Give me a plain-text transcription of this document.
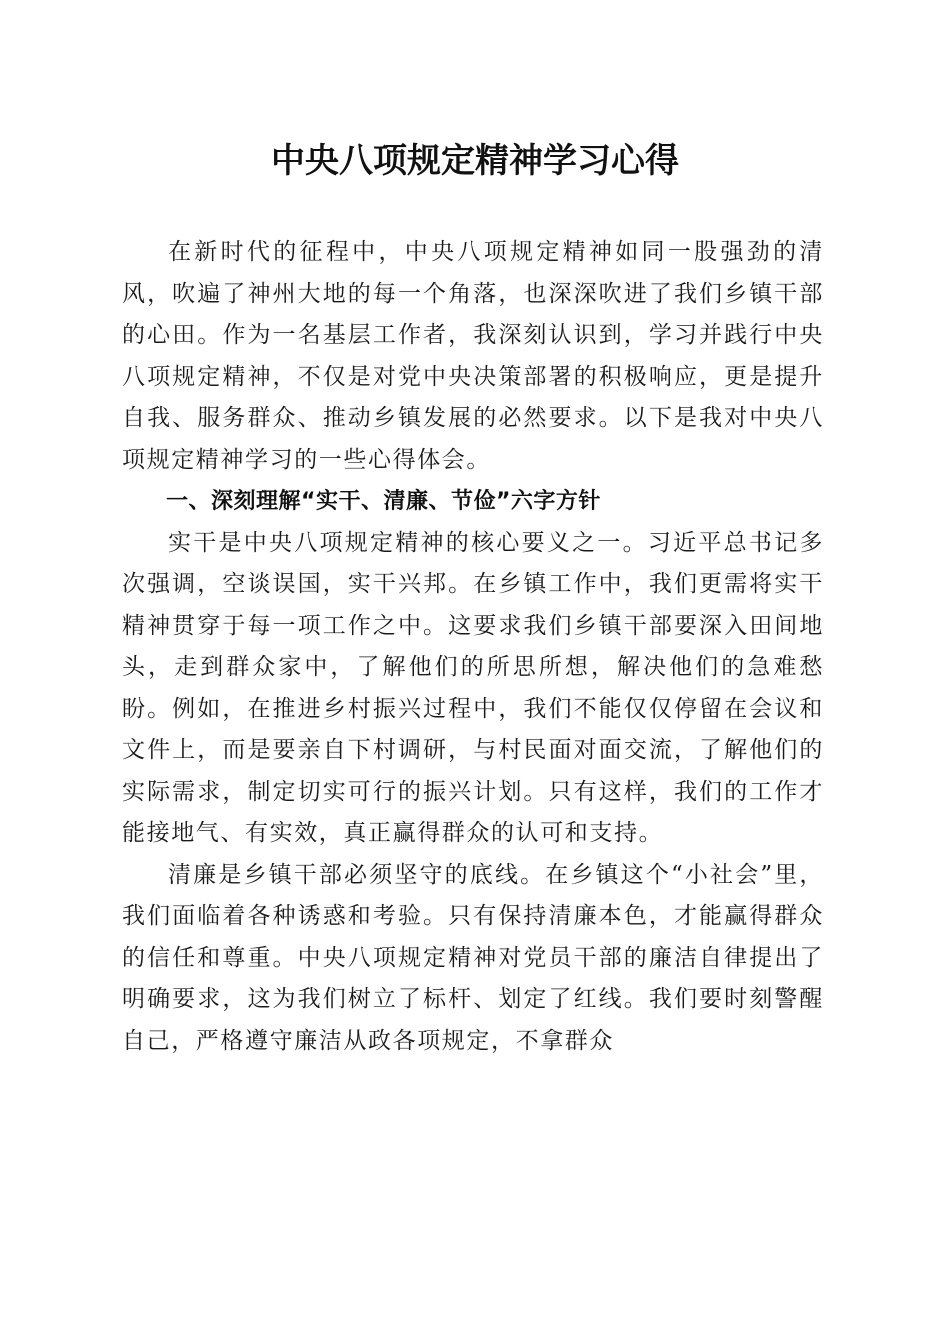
中央八项规定精神学习心得

在新时代的征程中，中央八项规定精神如同一股强劲的清风，吹遍了神州大地的每一个角落，也深深吹进了我们乡镇干部的心田。作为一名基层工作者，我深刻认识到，学习并践行中央八项规定精神，不仅是对党中央决策部署的积极响应，更是提升自我、服务群众、推动乡镇发展的必然要求。以下是我对中央八项规定精神学习的一些心得体会。

一、深刻理解“实干、清廉、节俭”六字方针

实干是中央八项规定精神的核心要义之一。习近平总书记多次强调，空谈误国，实干兴邦。在乡镇工作中，我们更需将实干精神贯穿于每一项工作之中。这要求我们乡镇干部要深入田间地头，走到群众家中，了解他们的所思所想，解决他们的急难愁盼。例如，在推进乡村振兴过程中，我们不能仅仅停留在会议和文件上，而是要亲自下村调研，与村民面对面交流，了解他们的实际需求，制定切实可行的振兴计划。只有这样，我们的工作才能接地气、有实效，真正赢得群众的认可和支持。

清廉是乡镇干部必须坚守的底线。在乡镇这个“小社会”里，我们面临着各种诱惑和考验。只有保持清廉本色，才能赢得群众的信任和尊重。中央八项规定精神对党员干部的廉洁自律提出了明确要求，这为我们树立了标杆、划定了红线。我们要时刻警醒自己，严格遵守廉洁从政各项规定，不拿群众
